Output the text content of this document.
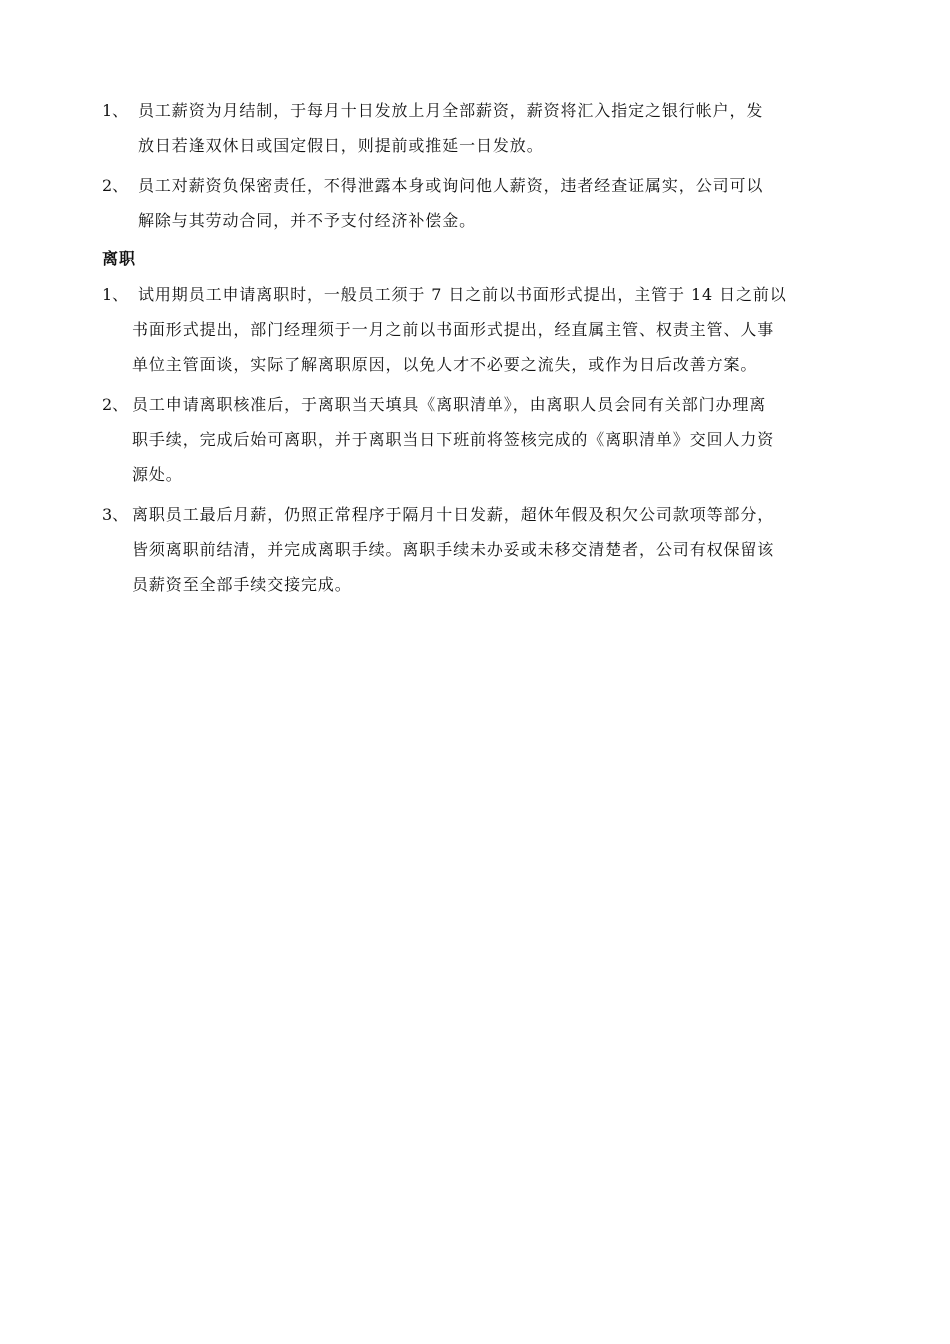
1、 员工薪资为月结制，于每月十日发放上月全部薪资，薪资将汇入指定之银行帐户，发
放日若逢双休日或国定假日，则提前或推延一日发放。
2、 员工对薪资负保密责任，不得泄露本身或询问他人薪资，违者经查证属实，公司可以
解除与其劳动合同，并不予支付经济补偿金。
离职
1、 试用期员工申请离职时，一般员工须于 7 日之前以书面形式提出，主管于 14 日之前以
书面形式提出，部门经理须于一月之前以书面形式提出，经直属主管、权责主管、人事
单位主管面谈，实际了解离职原因，以免人才不必要之流失，或作为日后改善方案。
2、 员工申请离职核准后，于离职当天填具《离职清单》，由离职人员会同有关部门办理离
职手续，完成后始可离职，并于离职当日下班前将签核完成的《离职清单》交回人力资
源处。
3、 离职员工最后月薪，仍照正常程序于隔月十日发薪，超休年假及积欠公司款项等部分，
皆须离职前结清，并完成离职手续。离职手续未办妥或未移交清楚者，公司有权保留该
员薪资至全部手续交接完成。
